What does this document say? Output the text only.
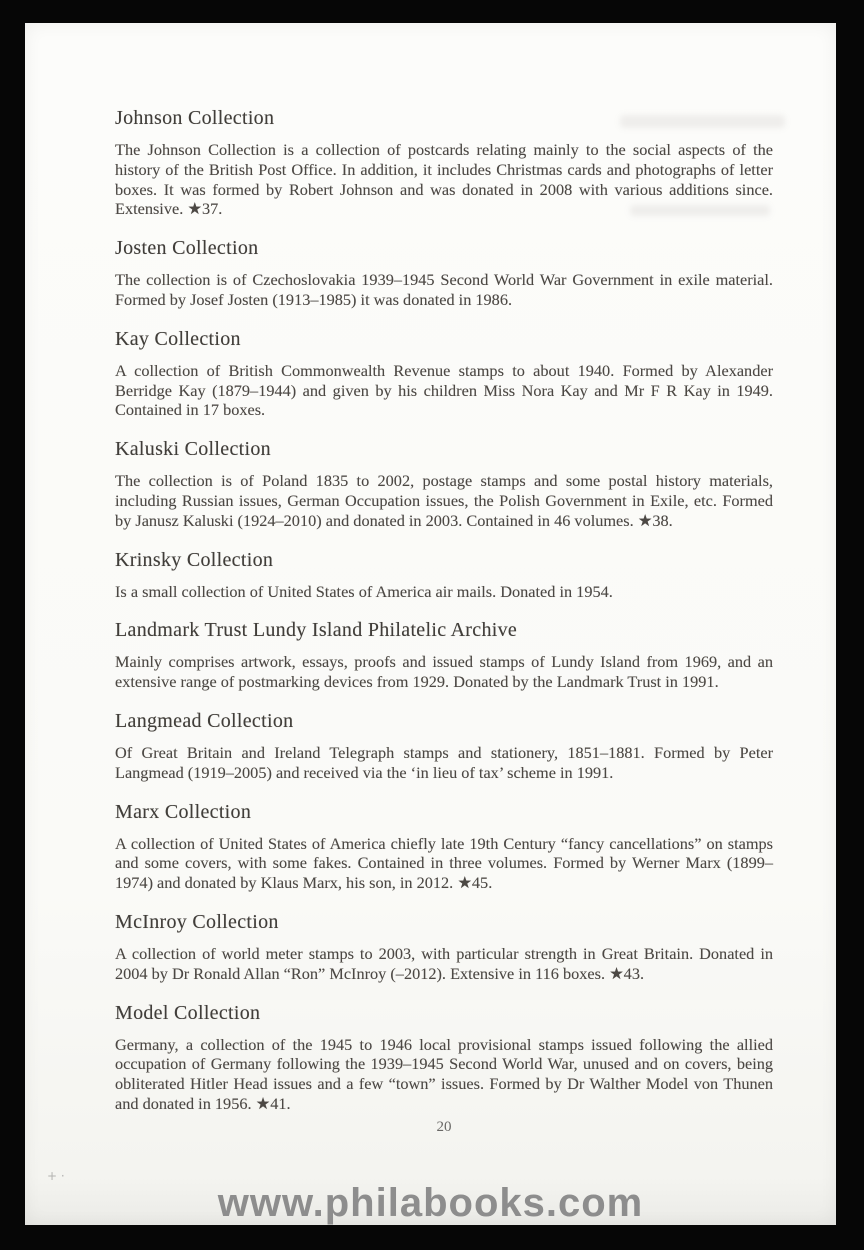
Johnson Collection

The Johnson Collection is a collection of postcards relating mainly to the social aspects of the history of the British Post Office. In addition, it includes Christmas cards and photographs of letter boxes. It was formed by Robert Johnson and was donated in 2008 with various additions since. Extensive. ★37.

Josten Collection

The collection is of Czechoslovakia 1939–1945 Second World War Government in exile material. Formed by Josef Josten (1913–1985) it was donated in 1986.

Kay Collection

A collection of British Commonwealth Revenue stamps to about 1940. Formed by Alexander Berridge Kay (1879–1944) and given by his children Miss Nora Kay and Mr F R Kay in 1949. Contained in 17 boxes.

Kaluski Collection

The collection is of Poland 1835 to 2002, postage stamps and some postal history materials, including Russian issues, German Occupation issues, the Polish Government in Exile, etc. Formed by Janusz Kaluski (1924–2010) and donated in 2003. Contained in 46 volumes. ★38.

Krinsky Collection

Is a small collection of United States of America air mails. Donated in 1954.

Landmark Trust Lundy Island Philatelic Archive

Mainly comprises artwork, essays, proofs and issued stamps of Lundy Island from 1969, and an extensive range of postmarking devices from 1929. Donated by the Landmark Trust in 1991.

Langmead Collection

Of Great Britain and Ireland Telegraph stamps and stationery, 1851–1881. Formed by Peter Langmead (1919–2005) and received via the ‘in lieu of tax’ scheme in 1991.

Marx Collection

A collection of United States of America chiefly late 19th Century “fancy cancellations” on stamps and some covers, with some fakes. Contained in three volumes. Formed by Werner Marx (1899–1974) and donated by Klaus Marx, his son, in 2012. ★45.

McInroy Collection

A collection of world meter stamps to 2003, with particular strength in Great Britain. Donated in 2004 by Dr Ronald Allan “Ron” McInroy (–2012). Extensive in 116 boxes. ★43.

Model Collection

Germany, a collection of the 1945 to 1946 local provisional stamps issued following the allied occupation of Germany following the 1939–1945 Second World War, unused and on covers, being obliterated Hitler Head issues and a few “town” issues. Formed by Dr Walther Model von Thunen and donated in 1956. ★41.

20
+ ·
www.philabooks.com
